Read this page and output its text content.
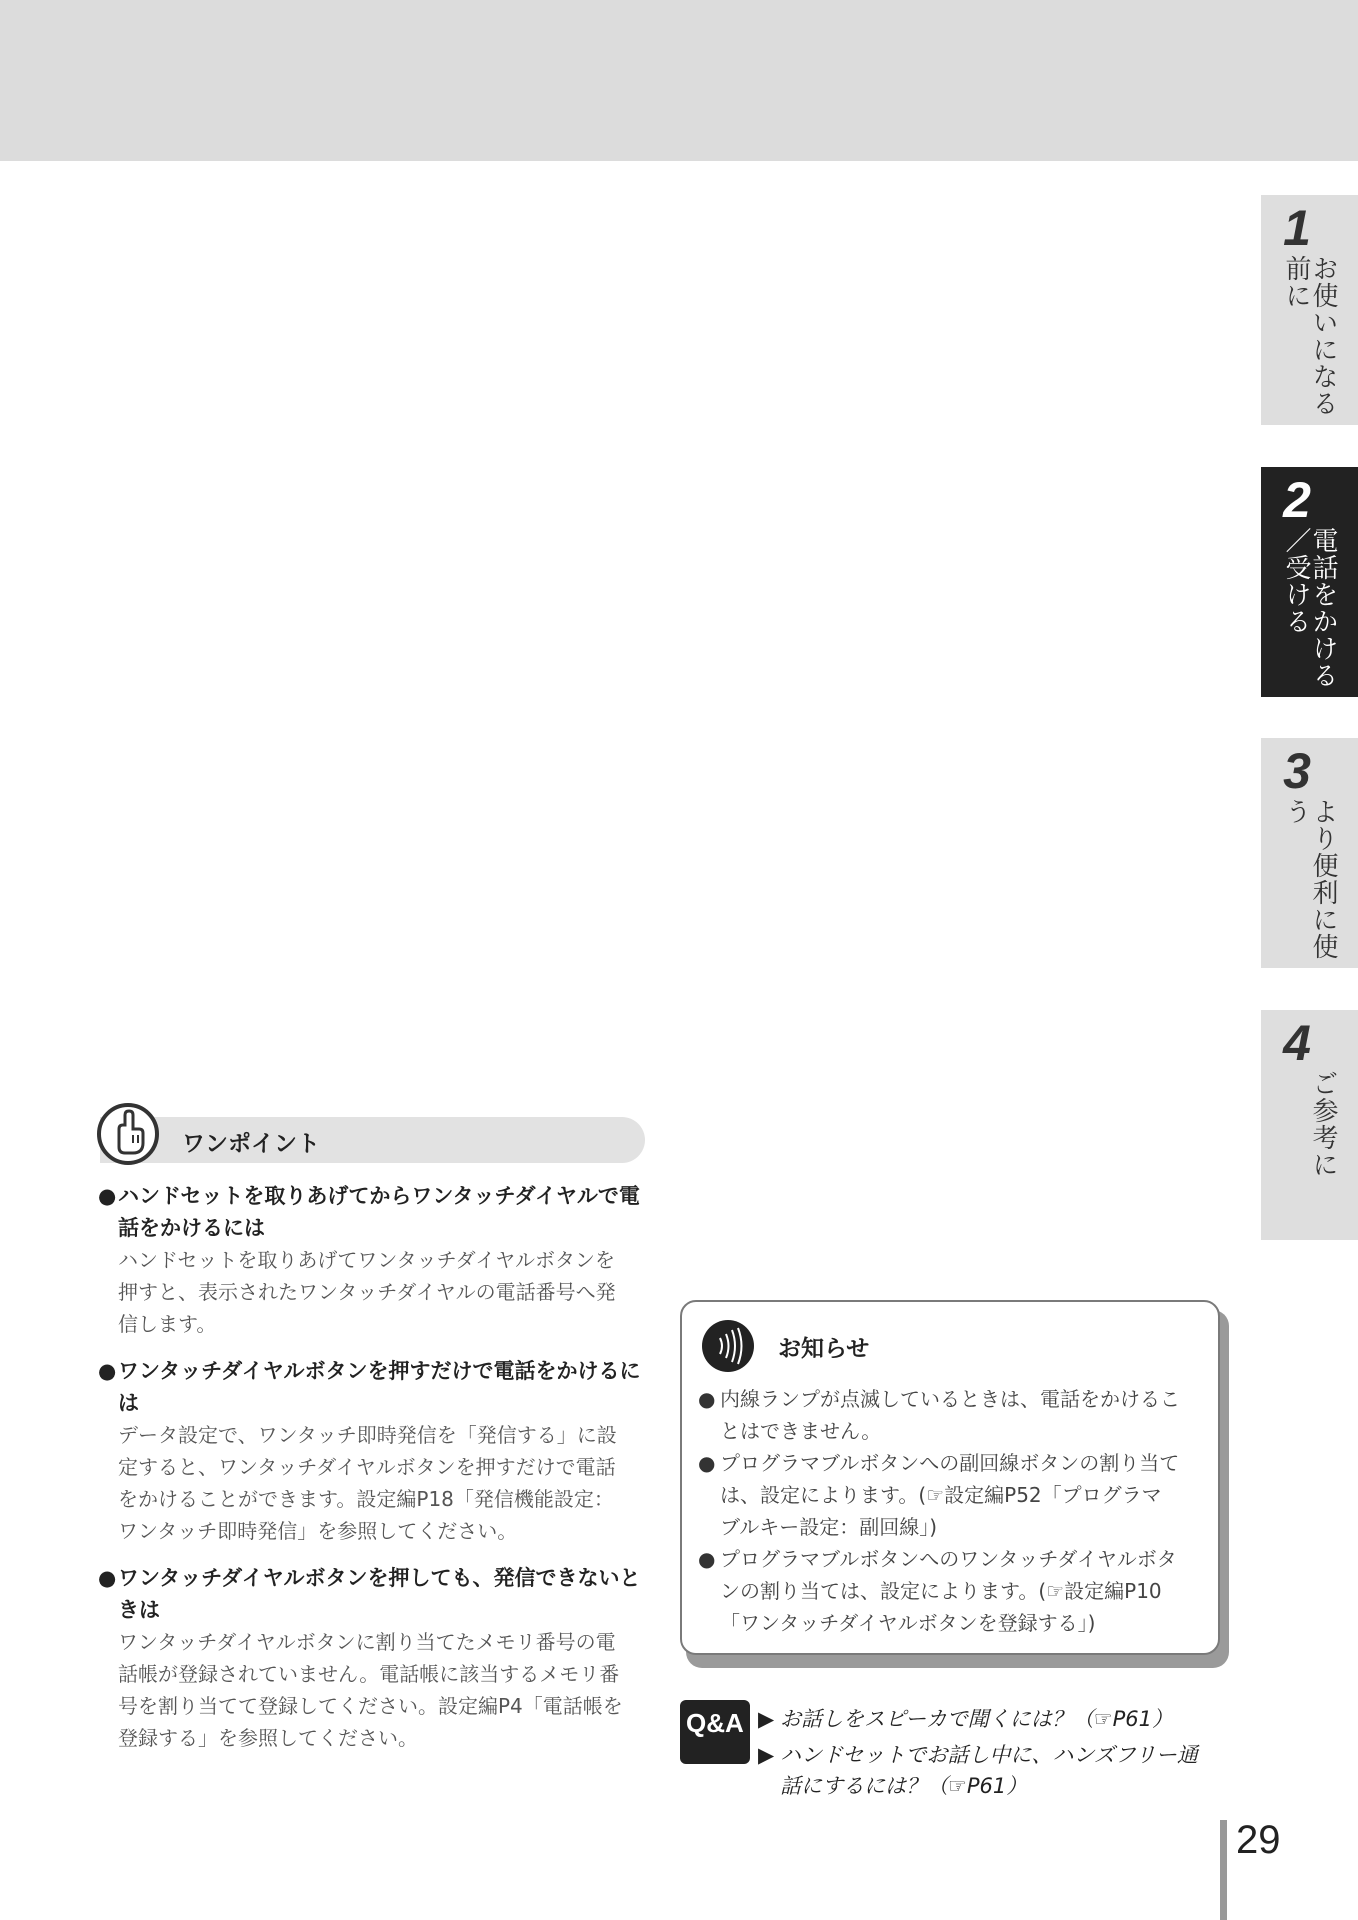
1
お使いになる前に
2
電話をかける／受ける
3
より便利に使う
4
ご参考に
ワンポイント
● ハンドセットを取りあげてからワンタッチダイヤルで電
話をかけるには
ハンドセットを取りあげてワンタッチダイヤルボタンを
押すと、表示されたワンタッチダイヤルの電話番号へ発
信します。
● ワンタッチダイヤルボタンを押すだけで電話をかけるに
は
データ設定で、ワンタッチ即時発信を「発信する」に設
定すると、ワンタッチダイヤルボタンを押すだけで電話
をかけることができます。設定編P18「発信機能設定：
ワンタッチ即時発信」を参照してください。
● ワンタッチダイヤルボタンを押しても、発信できないと
きは
ワンタッチダイヤルボタンに割り当てたメモリ番号の電
話帳が登録されていません。電話帳に該当するメモリ番
号を割り当てて登録してください。設定編P4「電話帳を
登録する」を参照してください。
お知らせ
● 内線ランプが点滅しているときは、電話をかけるこ
とはできません。
● プログラマブルボタンへの副回線ボタンの割り当て
は、設定によります。(☞設定編P52「プログラマ
ブルキー設定：副回線」)
● プログラマブルボタンへのワンタッチダイヤルボタ
ンの割り当ては、設定によります。(☞設定編P10
「ワンタッチダイヤルボタンを登録する」)
Q&A ▶ お話しをスピーカで聞くには？（☞P61）
▶ ハンドセットでお話し中に、ハンズフリー通
話にするには？（☞P61）
29
